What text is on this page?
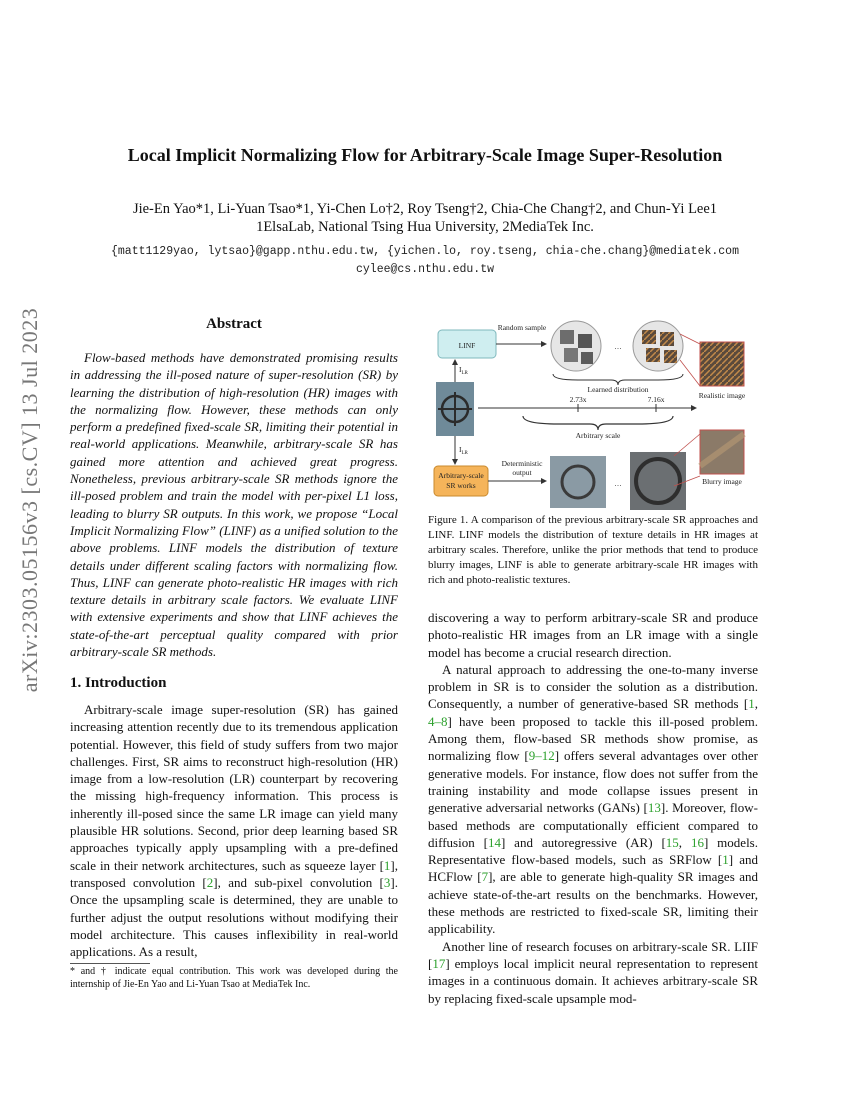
arXiv:2303.05156v3 [cs.CV] 13 Jul 2023
Local Implicit Normalizing Flow for Arbitrary-Scale Image Super-Resolution
Jie-En Yao*1, Li-Yuan Tsao*1, Yi-Chen Lo†2, Roy Tseng†2, Chia-Che Chang†2, and Chun-Yi Lee1
1ElsaLab, National Tsing Hua University, 2MediaTek Inc.
{matt1129yao, lytsao}@gapp.nthu.edu.tw, {yichen.lo, roy.tseng, chia-che.chang}@mediatek.com
cylee@cs.nthu.edu.tw
Abstract

Flow-based methods have demonstrated promising results in addressing the ill-posed nature of super-resolution (SR) by learning the distribution of high-resolution (HR) images with the normalizing flow. However, these methods can only perform a predefined fixed-scale SR, limiting their potential in real-world applications. Meanwhile, arbitrary-scale SR has gained more attention and achieved great progress. Nonetheless, previous arbitrary-scale SR methods ignore the ill-posed problem and train the model with per-pixel L1 loss, leading to blurry SR outputs. In this work, we propose “Local Implicit Normalizing Flow” (LINF) as a unified solution to the above problems. LINF models the distribution of texture details under different scaling factors with normalizing flow. Thus, LINF can generate photo-realistic HR images with rich texture details in arbitrary scale factors. We evaluate LINF with extensive experiments and show that LINF achieves the state-of-the-art perceptual quality compared with prior arbitrary-scale SR methods.

1. Introduction

Arbitrary-scale image super-resolution (SR) has gained increasing attention recently due to its tremendous application potential. However, this field of study suffers from two major challenges. First, SR aims to reconstruct high-resolution (HR) image from a low-resolution (LR) counterpart by recovering the missing high-frequency information. This process is inherently ill-posed since the same LR image can yield many plausible HR solutions. Second, prior deep learning based SR approaches typically apply upsampling with a pre-defined scale in their network architectures, such as squeeze layer [1], transposed convolution [2], and sub-pixel convolution [3]. Once the upsampling scale is determined, they are unable to further adjust the output resolutions without modifying their model architecture. This causes inflexibility in real-world applications. As a result,

* and † indicate equal contribution. This work was developed during the internship of Jie-En Yao and Li-Yuan Tsao at MediaTek Inc.
LINF
Random sample
…
Realistic image
Learned distribution
$I_{LR}$
$I_{LR}$
2.73x	7.16x
Arbitrary scale
Arbitrary-scale
SR works
Deterministic
output
…	Blurry image
Figure 1. A comparison of the previous arbitrary-scale SR approaches and LINF. LINF models the distribution of texture details in HR images at arbitrary scales. Therefore, unlike the prior methods that tend to produce blurry images, LINF is able to generate arbitrary-scale HR images with rich and photo-realistic textures.

discovering a way to perform arbitrary-scale SR and produce photo-realistic HR images from an LR image with a single model has become a crucial research direction.

A natural approach to addressing the one-to-many inverse problem in SR is to consider the solution as a distribution. Consequently, a number of generative-based SR methods [1, 4–8] have been proposed to tackle this ill-posed problem. Among them, flow-based SR methods show promise, as normalizing flow [9–12] offers several advantages over other generative models. For instance, flow does not suffer from the training instability and mode collapse issues present in generative adversarial networks (GANs) [13]. Moreover, flow-based methods are computationally efficient compared to diffusion [14] and autoregressive (AR) [15, 16] models. Representative flow-based models, such as SRFlow [1] and HCFlow [7], are able to generate high-quality SR images and achieve state-of-the-art results on the benchmarks. However, these methods are restricted to fixed-scale SR, limiting their applicability.

Another line of research focuses on arbitrary-scale SR. LIIF [17] employs local implicit neural representation to represent images in a continuous domain. It achieves arbitrary-scale SR by replacing fixed-scale upsample mod-
